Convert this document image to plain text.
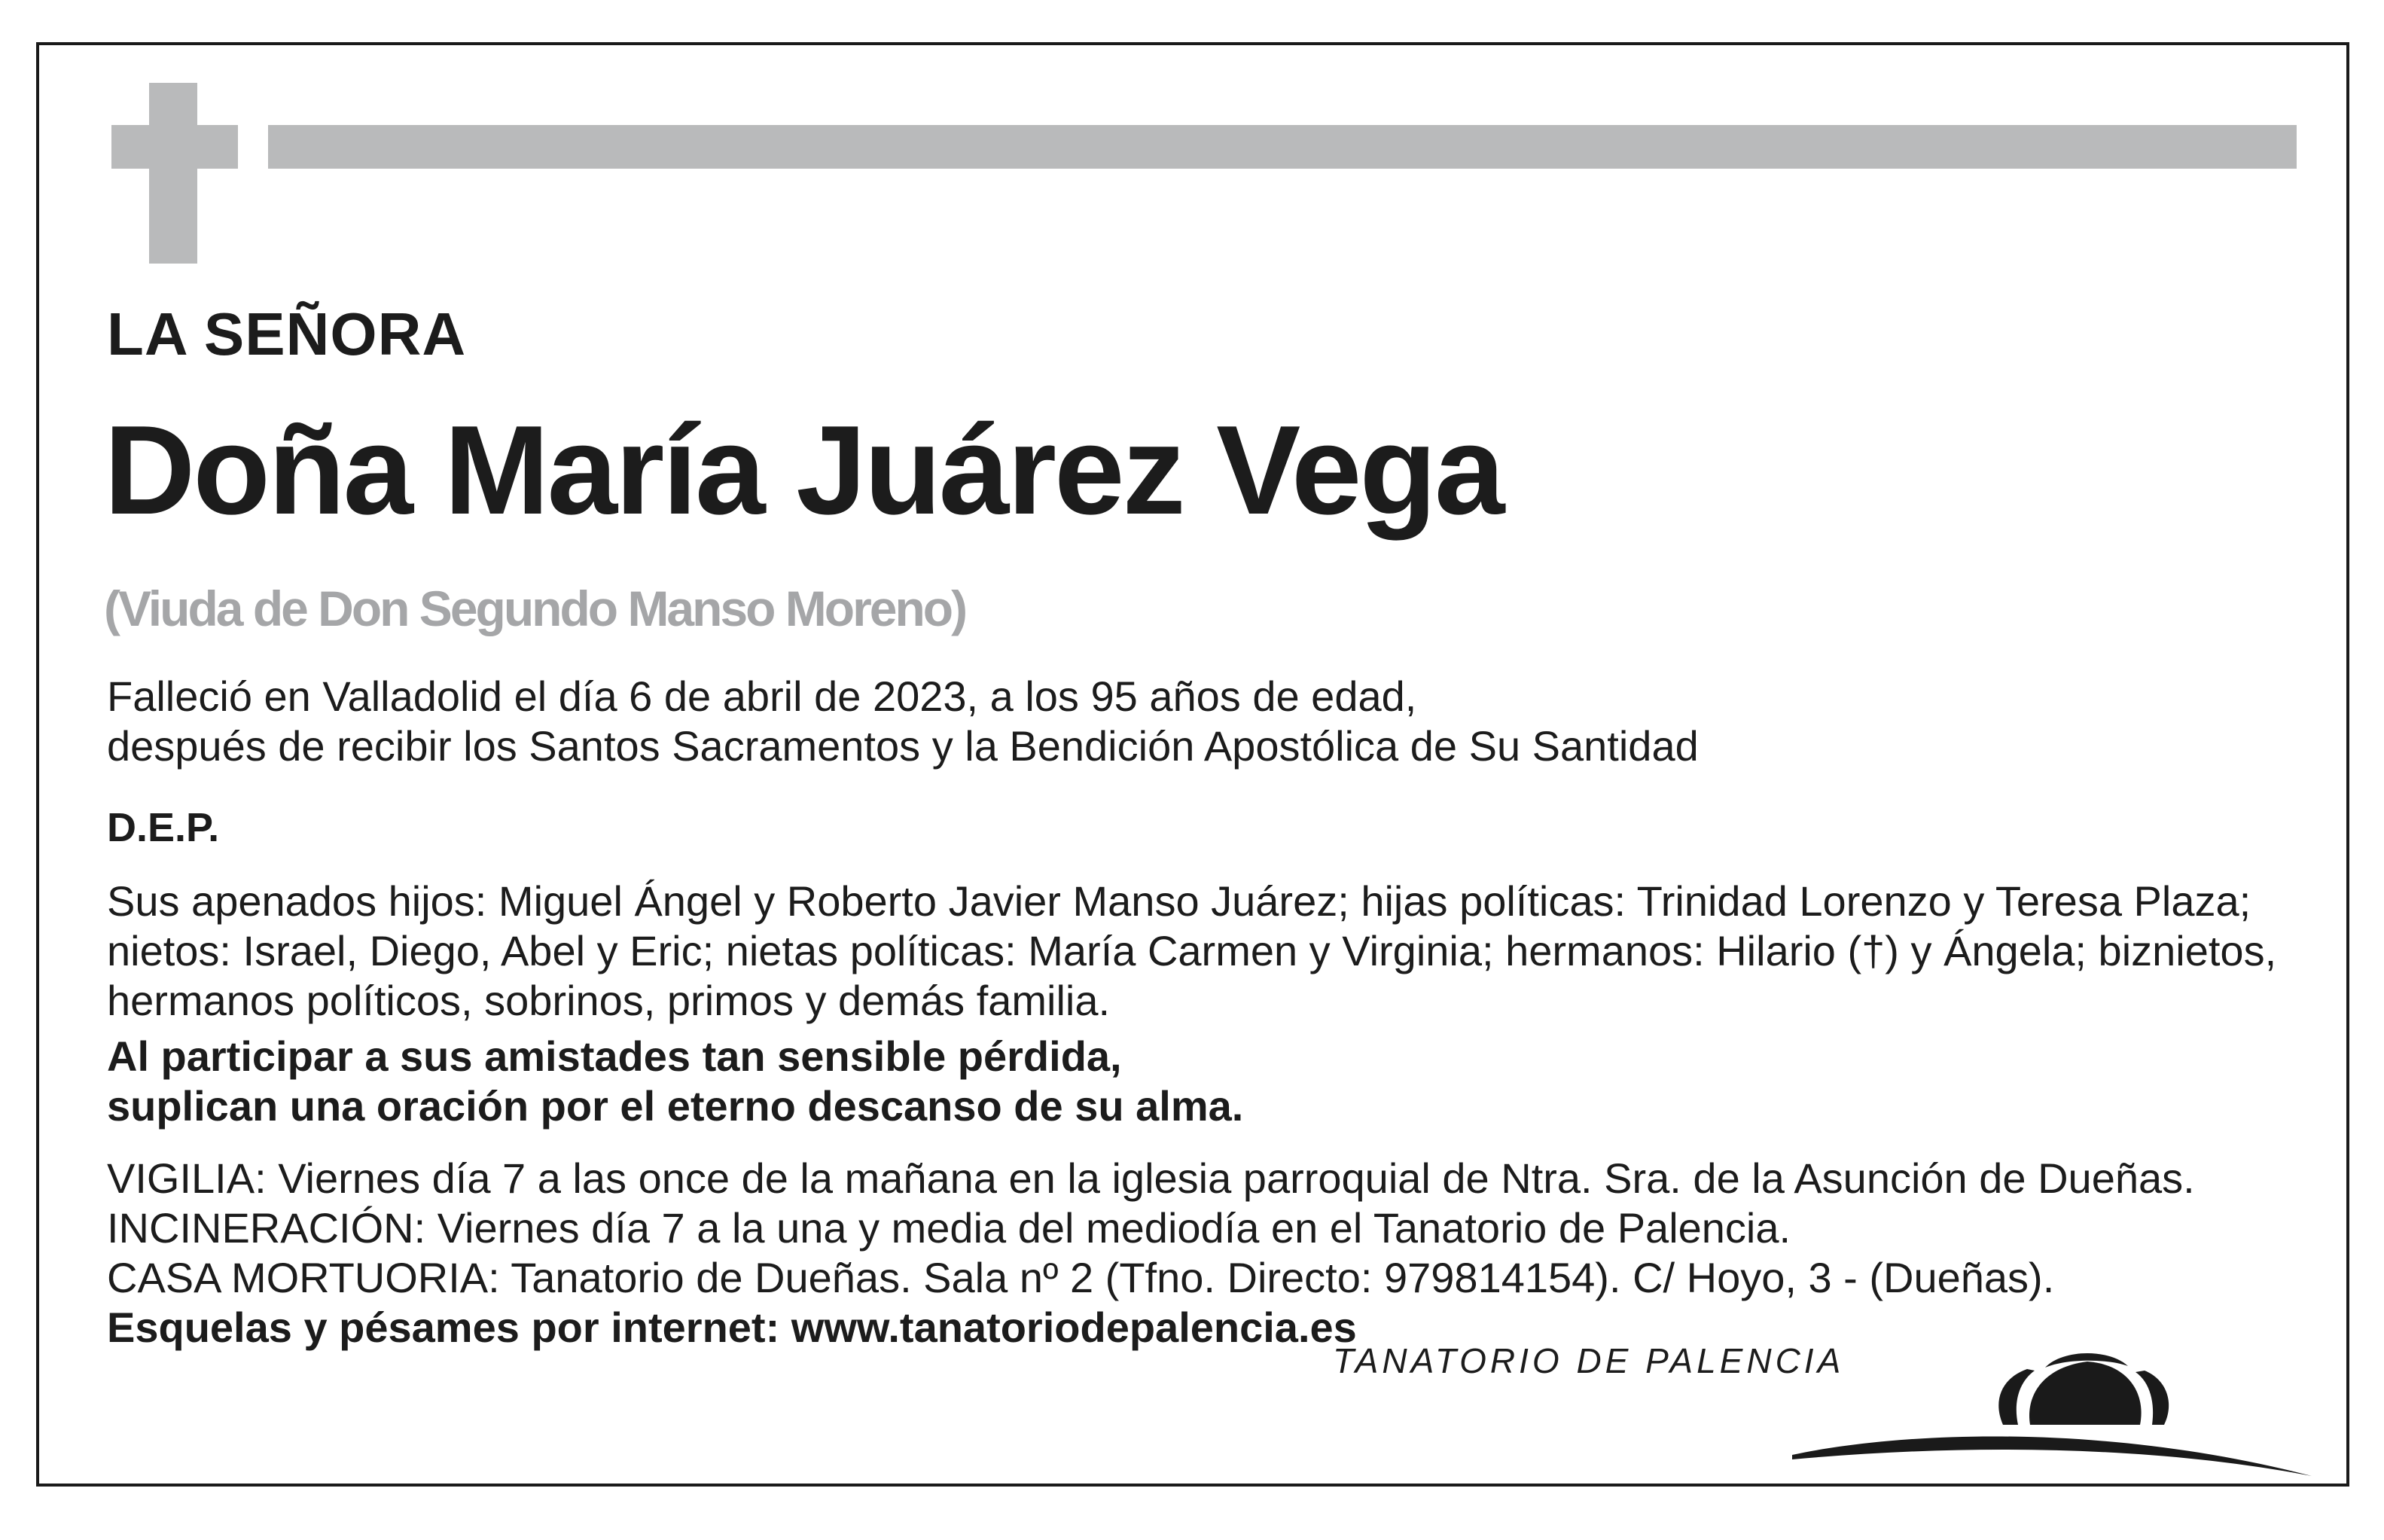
LA SEÑORA
Doña María Juárez Vega
(Viuda de Don Segundo Manso Moreno)
Falleció en Valladolid el día 6 de abril de 2023, a los 95 años de edad,
después de recibir los Santos Sacramentos y la Bendición Apostólica de Su Santidad
D.E.P.
Sus apenados hijos: Miguel Ángel y Roberto Javier Manso Juárez; hijas políticas: Trinidad Lorenzo y Teresa Plaza; nietos: Israel, Diego, Abel y Eric; nietas políticas: María Carmen y Virginia; hermanos: Hilario (†) y Ángela; biznietos, hermanos políticos, sobrinos, primos y demás familia.
Al participar a sus amistades tan sensible pérdida,
suplican una oración por el eterno descanso de su alma.
VIGILIA: Viernes día 7 a las once de la mañana en la iglesia parroquial de Ntra. Sra. de la Asunción de Dueñas.
INCINERACIÓN: Viernes día 7 a la una y media del mediodía en el Tanatorio de Palencia.
CASA MORTUORIA: Tanatorio de Dueñas. Sala nº 2 (Tfno. Directo: 979814154). C/ Hoyo, 3 - (Dueñas).
Esquelas y pésames por internet: www.tanatoriodepalencia.es
TANATORIO DE PALENCIA
